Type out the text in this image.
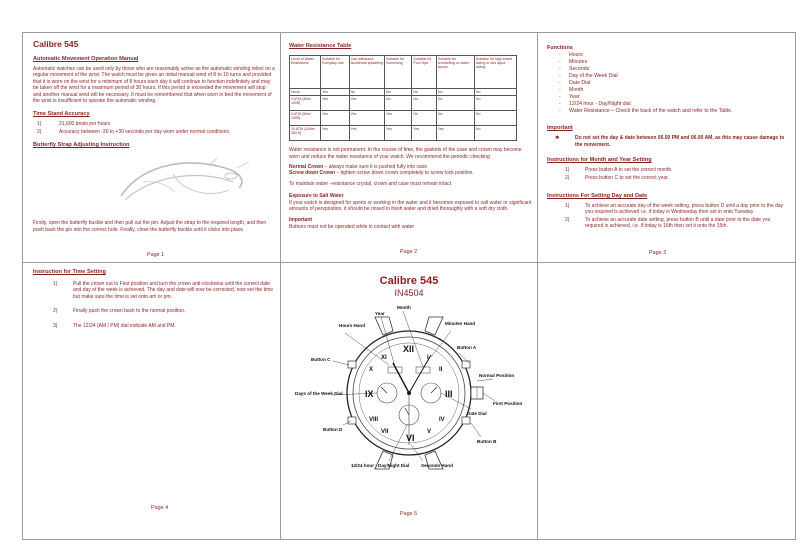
Calibre 545
Automatic Movement Operation Manual
Automatic watches can be used only by those who are reasonably active as the automatic winding relies on a regular movement of the wrist. The watch must be given an initial manual wind of 8 to 10 turns and provided that it is worn on the wrist for a minimum of 8 hours each day it will continue to function indefinitely and may be taken off the wrist for a maximum period of 30 hours. If this period is exceeded the movement will stop and another manual wind will be necessary. It must be remembered that when worn in bed the movement of the wrist is insufficient to operate the automatic winding.
Time Stand Accuracy
1)	21,600 beats per hours
2)	Accuracy between -30 to +30 seconds per day worn under normal conditions.
Butterfly Strap Adjusting Instruction
Firstly, open the butterfly buckle and then pull out the pin. Adjust the strap to the required length, and then push back the pin into the correct hole. Finally, close the butterfly buckle until it clicks into place.
Page 1
Water Resistance Table
Level of Water Resistance	Suitable for Everyday use	Can withstand accidental splashing	Suitable for Swimming	Suitable for Pool Spa	Suitable for snorkelling or water sports	Suitable for high board diving or sub aqua diving
None	Yes	No	No	No	No	No
3 ATM (30m/ 100ft)	Yes	Yes	No	No	No	No
5 ATM (50m/ 150ft)	Yes	Yes	Yes	No	No	No
10 ATM (100m/ 300 ft)	Yes	Yes	Yes	Yes	Yes	No
Water resistance is not permanent. In the course of time, the gaskets of the case and crown may become worn and reduce the water resistance of your watch. We recommend the periodic checking
Normal Crown – always make sure it is pushed fully into case
Screw down Crown – tighten screw down crown completely to screw lock position.
To maintain water –resistance crystal, crown and case must remain intact
Exposure to Salt Water
If your watch is designed for sports or working in the water and it becomes exposed to salt water or significant amounts of perspiration, it should be rinsed in fresh water and dried thoroughly with a soft dry cloth.
Important
Buttons must not be operated while in contact with water
Page 2
Functions
- Hours
- Minutes
- Seconds
- Day of the Week Dial
- Date Dial
- Month
- Year
- 12/24 hour - Day/Night dial
- Water Resistance – Check the back of the watch and refer to the Table.
Important
❖	Do not set the day & date between 06.00 PM and 06.00 AM, as this may cause damage to the movement.
Instructions for Month and Year Setting
1)	Press button A to set the correct month.
2)	Press button C to set the correct year.
Instructions For Setting Day and Date
1)	To achieve an accurate day of the week setting, press button D until a day prior to the day you required is achieved i.e. if today is Wednesday then set in onto Tuesday
2)	To achieve an accurate date setting, press button B until a date prior to the date you required is achieved, i.e. if today is 16th then set it onto the 15th.
Page 3
Instruction for Time Setting
1)	Pull the crown out to First position and turn the crown anti-clockwise until the correct date and day of the week is achieved. The day and date will now be corrected, now set the time but make sure the time is set onto am or pm.
2)	Finally push the crown back to the normal position.
3)	The 12/24 (AM / PM) dial indicate AM and PM.
Page 4
Calibre 545
IN4504
XII
III
VI
IX
I
II
IV
V
VII
VIII
X
XI
Hours Hand
Year
Month
Minutes Hand
Button A
Button C
Normal Position
First Position
Days of the Week Dial
Date Dial
Button D
Button B
12/24 hour - Day/Night Dial	Seconds Hand
Page 5
